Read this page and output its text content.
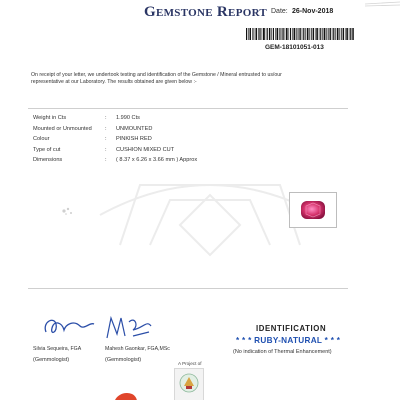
Gemstone Report Date: 26-Nov-2018
GEM-18101051-013
On receipt of your letter, we undertook testing and identification of the Gemstone / Mineral entrusted to us/our representative at our Laboratory. The results obtained are given below :-
Weight in Cts	: 1.990 Cts
Mounted or Unmounted : UNMOUNTED
Colour	: PINKISH RED
Type of cut	: CUSHION MIXED CUT
Dimensions	: ( 8.37 x 6.26 x 3.66 mm ) Approx
Silvia Sequeira, FGA
(Gemmologist)
Mahesh Gaonkar, FGA,MSc
(Gemmologist)
IDENTIFICATION
* * * RUBY-NATURAL * * *
(No indication of Thermal Enhancement)
A Project of
